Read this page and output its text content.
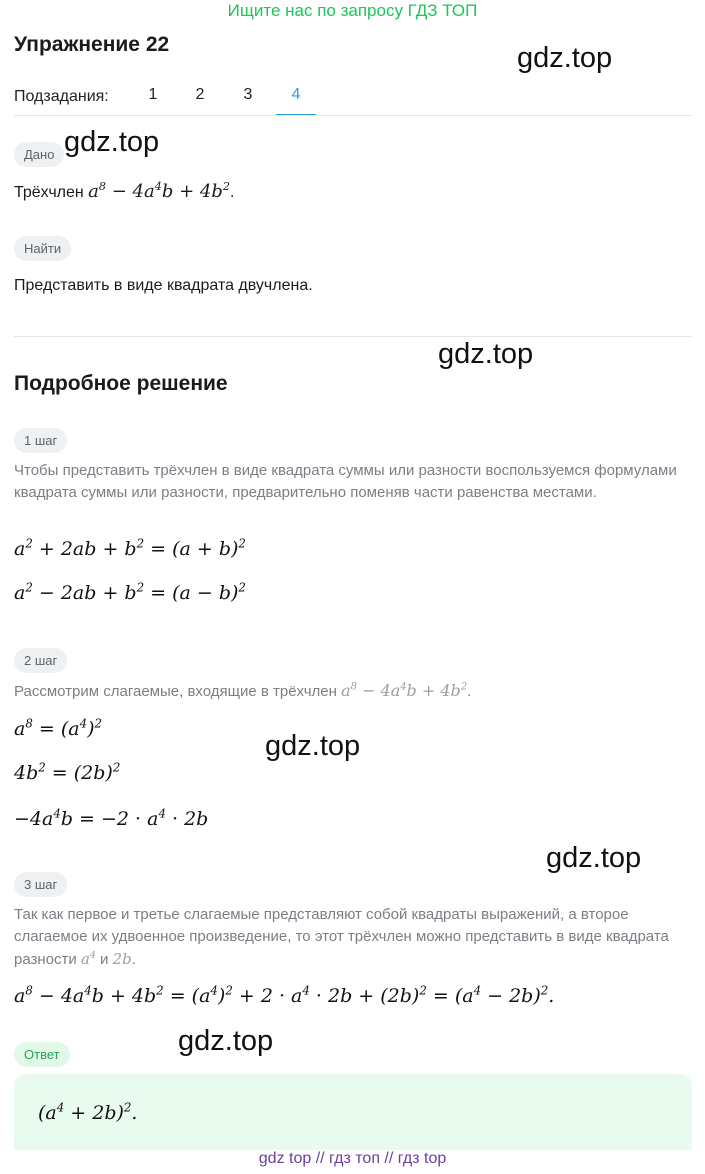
Ищите нас по запросу ГДЗ ТОП
Упражнение 22	gdz.top
Подзадания:	1	2	3	4
Дано gdz.top
Трёхчлен $a^8 - 4a^4b + 4b^2$.
Найти
Представить в виде квадрата двучлена.
gdz.top
Подробное решение
1 шаг
Чтобы представить трёхчлен в виде квадрата суммы или разности воспользуемся формулами квадрата суммы или разности, предварительно поменяв части равенства местами.
$a^2 + 2ab + b^2 = (a + b)^2$
$a^2 - 2ab + b^2 = (a - b)^2$
2 шаг
Рассмотрим слагаемые, входящие в трёхчлен $a^8 - 4a^4b + 4b^2$.
$a^8 = (a^4)^2$
gdz.top
$4b^2 = (2b)^2$
$-4a^4b = -2 \cdot a^4 \cdot 2b$
gdz.top
3 шаг
Так как первое и третье слагаемые представляют собой квадраты выражений, а второе слагаемое их удвоенное произведение, то этот трёхчлен можно представить в виде квадрата разности $a^4$ и 2b.
$a^8 - 4a^4b + 4b^2 = (a^4)^2 + 2 \cdot a^4 \cdot 2b + (2b)^2 = (a^4 - 2b)^2$.
Ответ	gdz.top
$(a^4 + 2b)^2$.
gdz top // гдз топ // гдз top
